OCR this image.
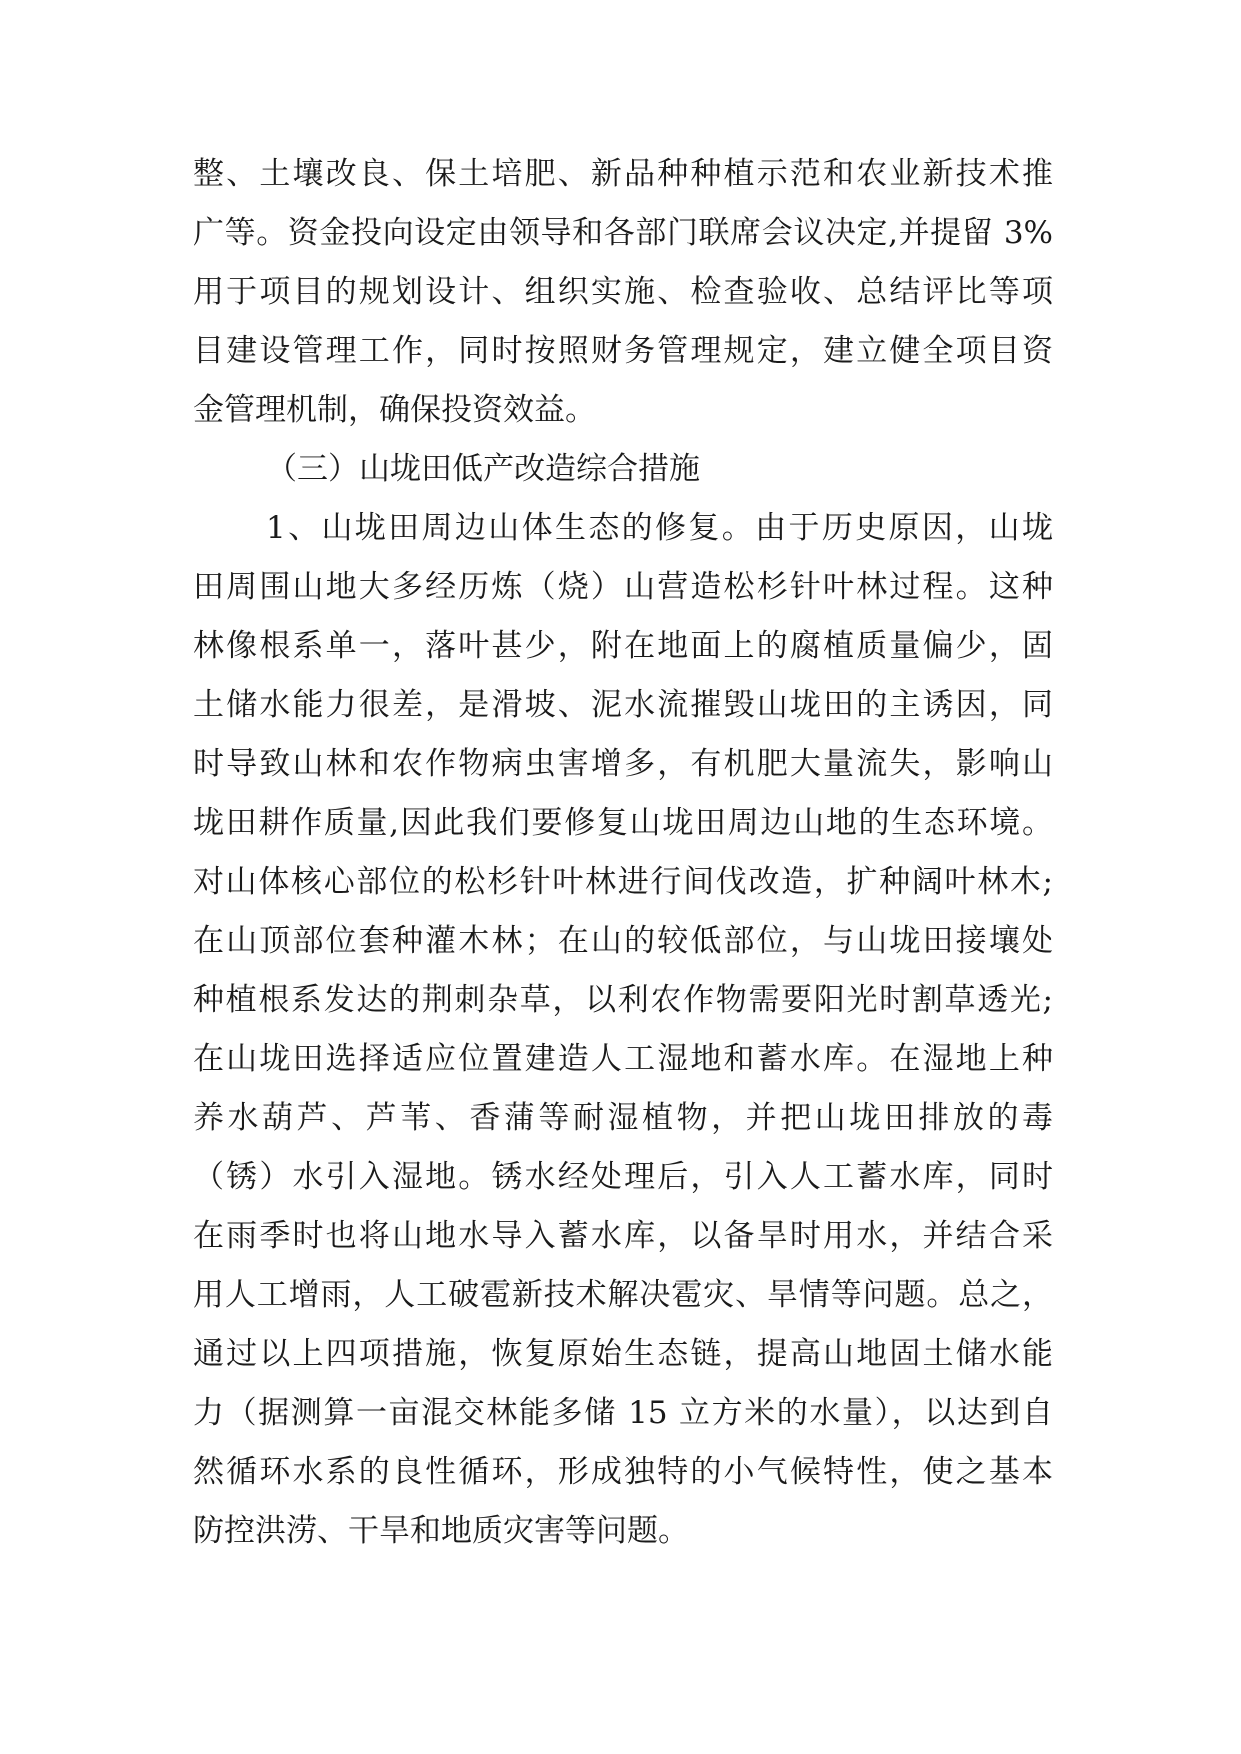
整、土壤改良、保土培肥、新品种种植示范和农业新技术推
广等。资金投向设定由领导和各部门联席会议决定,并提留 3%
用于项目的规划设计、组织实施、检查验收、总结评比等项
目建设管理工作，同时按照财务管理规定，建立健全项目资
金管理机制，确保投资效益。
（三）山垅田低产改造综合措施
1、山垅田周边山体生态的修复。由于历史原因，山垅
田周围山地大多经历炼（烧）山营造松杉针叶林过程。这种
林像根系单一，落叶甚少，附在地面上的腐植质量偏少，固
土储水能力很差，是滑坡、泥水流摧毁山垅田的主诱因，同
时导致山林和农作物病虫害增多，有机肥大量流失，影响山
垅田耕作质量,因此我们要修复山垅田周边山地的生态环境。
对山体核心部位的松杉针叶林进行间伐改造，扩种阔叶林木;
在山顶部位套种灌木林；在山的较低部位，与山垅田接壤处
种植根系发达的荆刺杂草，以利农作物需要阳光时割草透光;
在山垅田选择适应位置建造人工湿地和蓄水库。在湿地上种
养水葫芦、芦苇、香蒲等耐湿植物，并把山垅田排放的毒
（锈）水引入湿地。锈水经处理后，引入人工蓄水库，同时
在雨季时也将山地水导入蓄水库，以备旱时用水，并结合采
用人工增雨，人工破雹新技术解决雹灾、旱情等问题。总之，
通过以上四项措施，恢复原始生态链，提高山地固土储水能
力（据测算一亩混交林能多储 15 立方米的水量），以达到自
然循环水系的良性循环，形成独特的小气候特性，使之基本
防控洪涝、干旱和地质灾害等问题。
